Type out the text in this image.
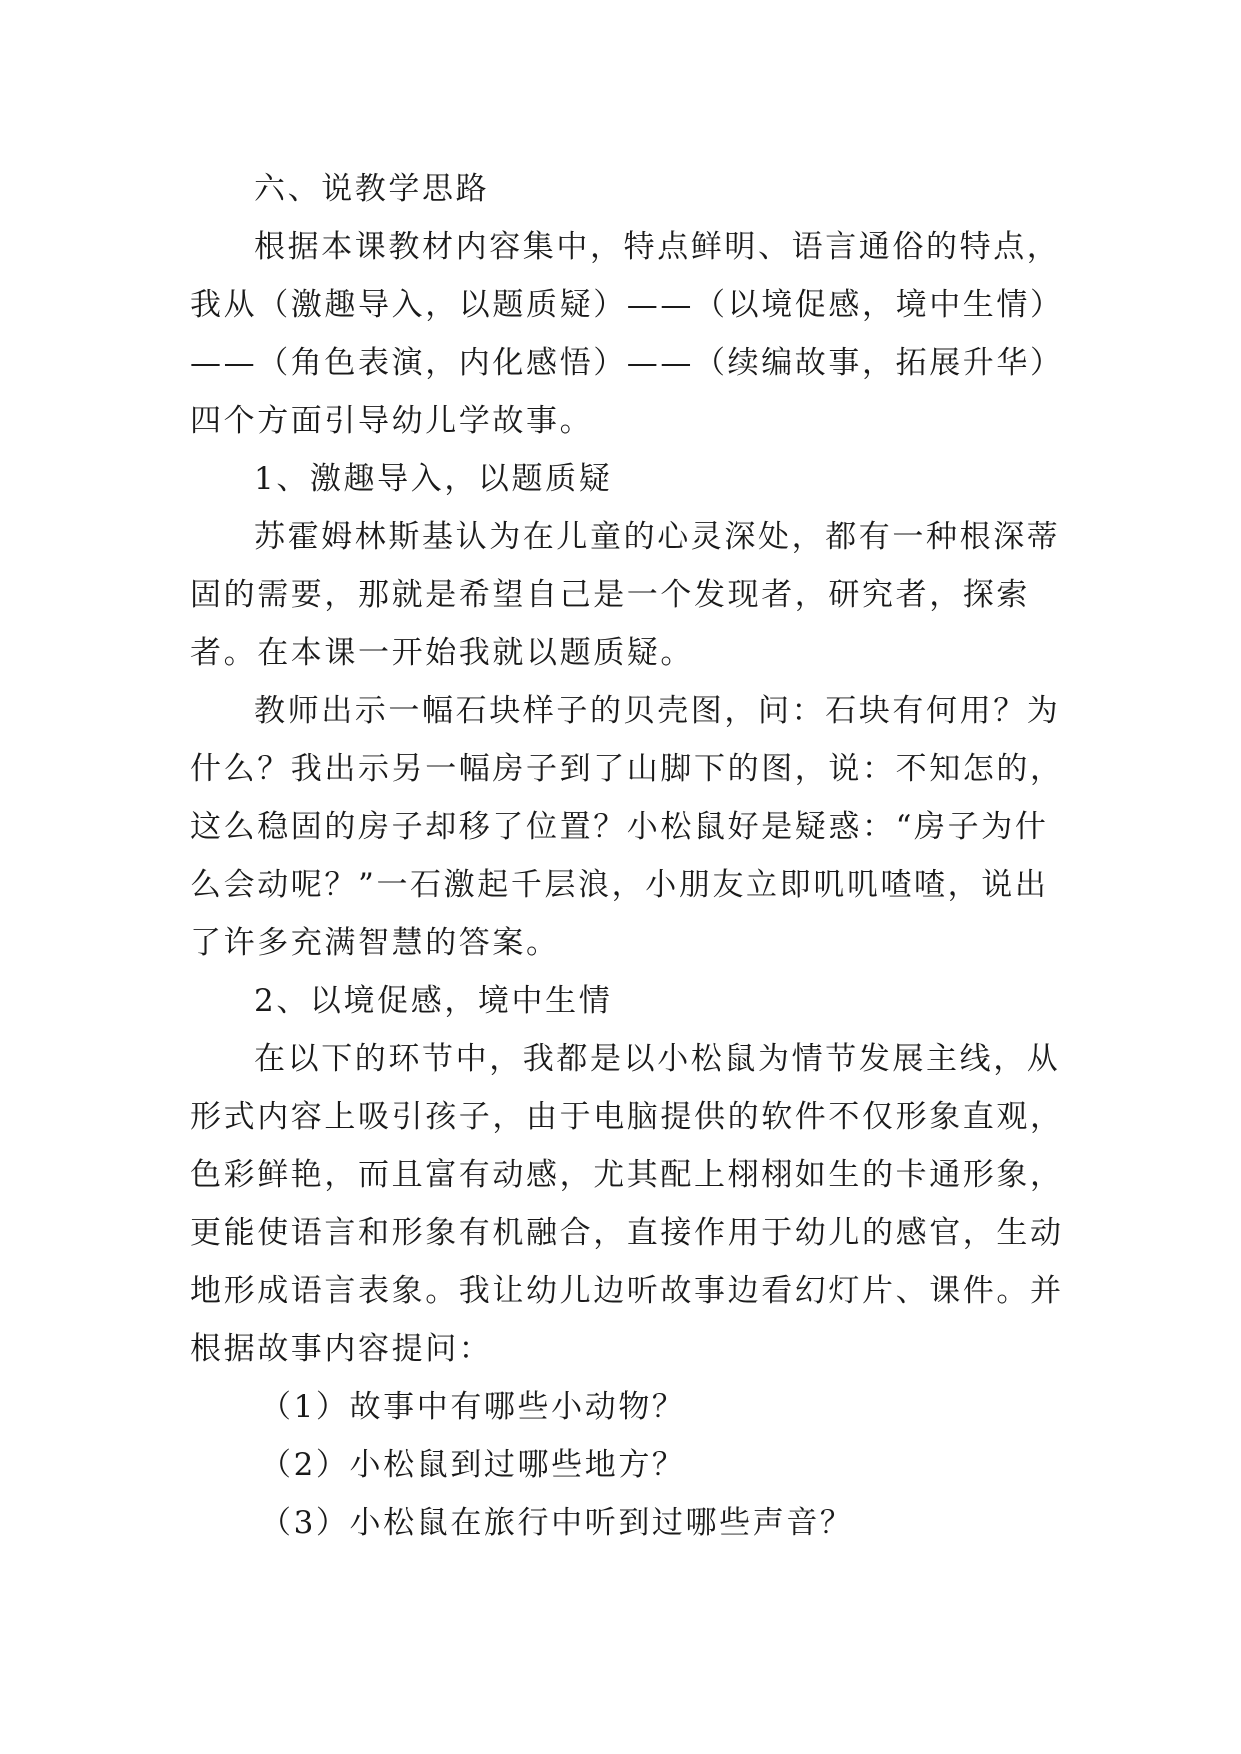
六、说教学思路

根据本课教材内容集中，特点鲜明、语言通俗的特点，我从（激趣导入，以题质疑）——（以境促感，境中生情）——（角色表演，内化感悟）——（续编故事，拓展升华）四个方面引导幼儿学故事。

1、激趣导入，以题质疑

苏霍姆林斯基认为在儿童的心灵深处，都有一种根深蒂固的需要，那就是希望自己是一个发现者，研究者，探索者。在本课一开始我就以题质疑。

教师出示一幅石块样子的贝壳图，问：石块有何用？为什么？我出示另一幅房子到了山脚下的图，说：不知怎的，这么稳固的房子却移了位置？小松鼠好是疑惑：“房子为什么会动呢？”一石激起千层浪，小朋友立即叽叽喳喳，说出了许多充满智慧的答案。

2、以境促感，境中生情

在以下的环节中，我都是以小松鼠为情节发展主线，从形式内容上吸引孩子，由于电脑提供的软件不仅形象直观，色彩鲜艳，而且富有动感，尤其配上栩栩如生的卡通形象，更能使语言和形象有机融合，直接作用于幼儿的感官，生动地形成语言表象。我让幼儿边听故事边看幻灯片、课件。并根据故事内容提问：

（1）故事中有哪些小动物？

（2）小松鼠到过哪些地方？

（3）小松鼠在旅行中听到过哪些声音？
